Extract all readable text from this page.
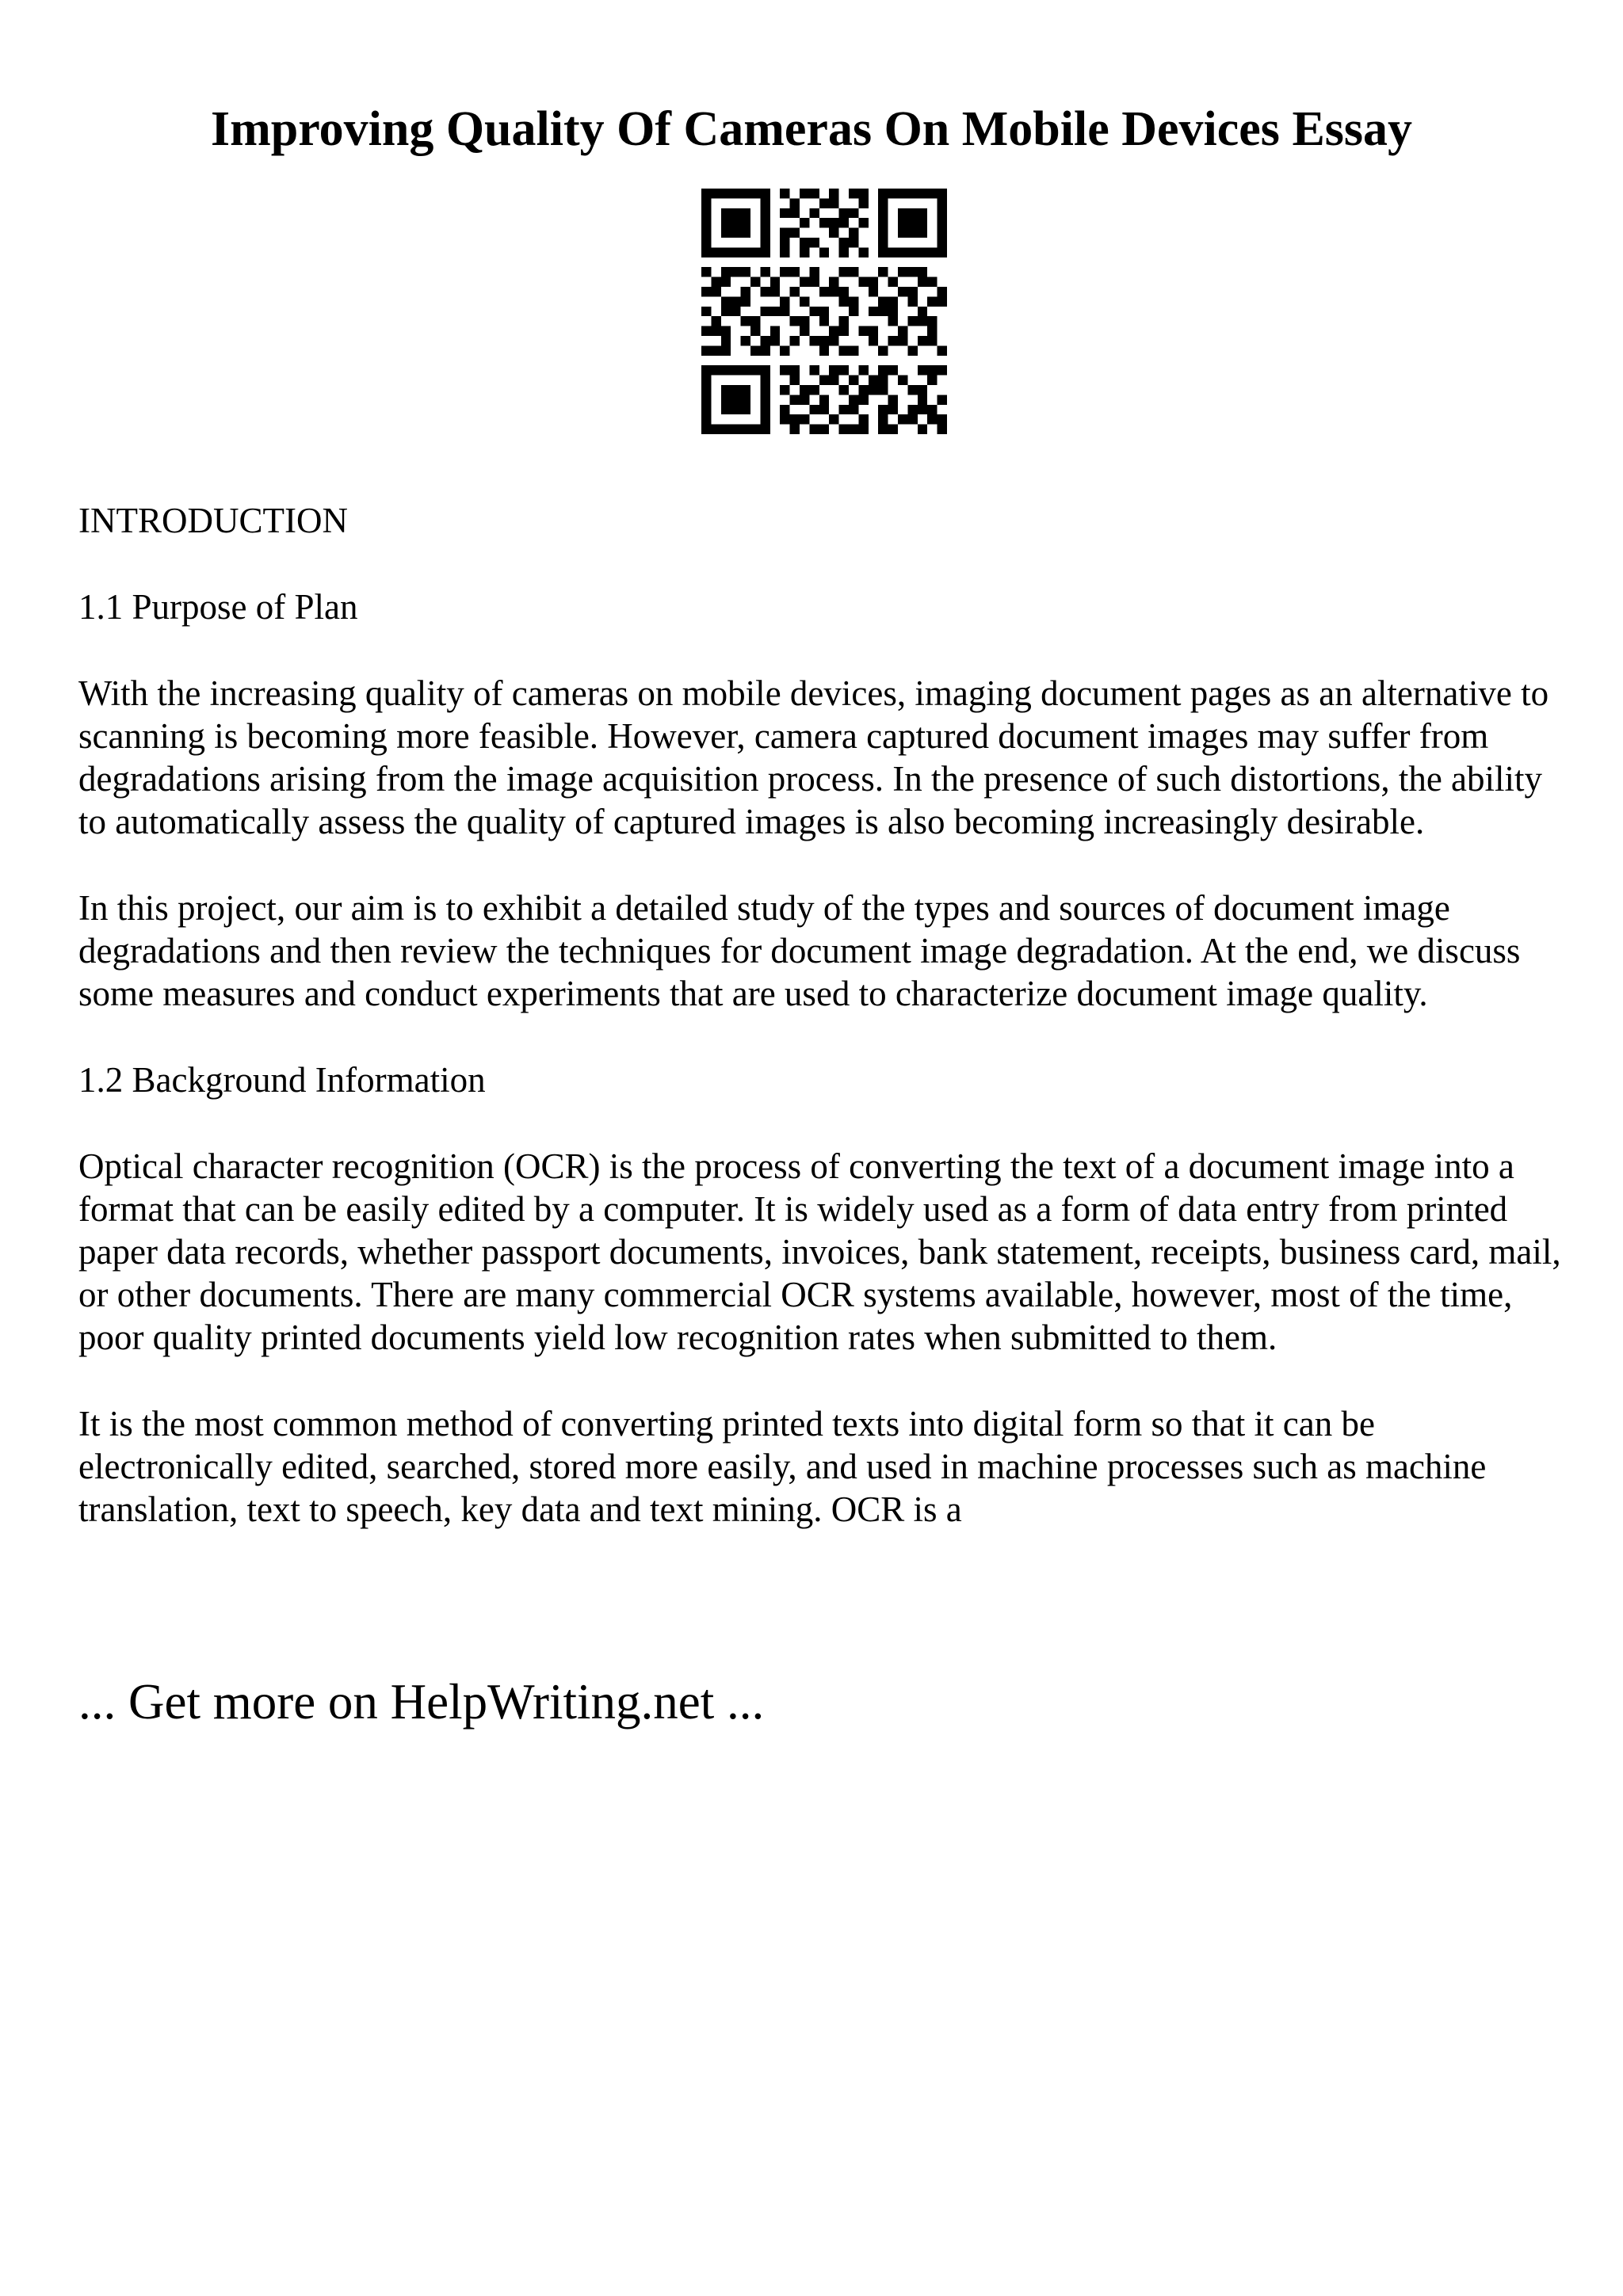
Improving Quality Of Cameras On Mobile Devices Essay
INTRODUCTION
1.1 Purpose of Plan

With the increasing quality of cameras on mobile devices, imaging document pages as an alternative to scanning is becoming more feasible. However, camera captured document images may suffer from degradations arising from the image acquisition process. In the presence of such distortions, the ability to automatically assess the quality of captured images is also becoming increasingly desirable.

In this project, our aim is to exhibit a detailed study of the types and sources of document image degradations and then review the techniques for document image degradation. At the end, we discuss some measures and conduct experiments that are used to characterize document image quality.

1.2 Background Information

Optical character recognition (OCR) is the process of converting the text of a document image into a format that can be easily edited by a computer. It is widely used as a form of data entry from printed paper data records, whether passport documents, invoices, bank statement, receipts, business card, mail, or other documents. There are many commercial OCR systems available, however, most of the time, poor quality printed documents yield low recognition rates when submitted to them.

It is the most common method of converting printed texts into digital form so that it can be electronically edited, searched, stored more easily, and used in machine processes such as machine translation, text to speech, key data and text mining. OCR is a

... Get more on HelpWriting.net ...
